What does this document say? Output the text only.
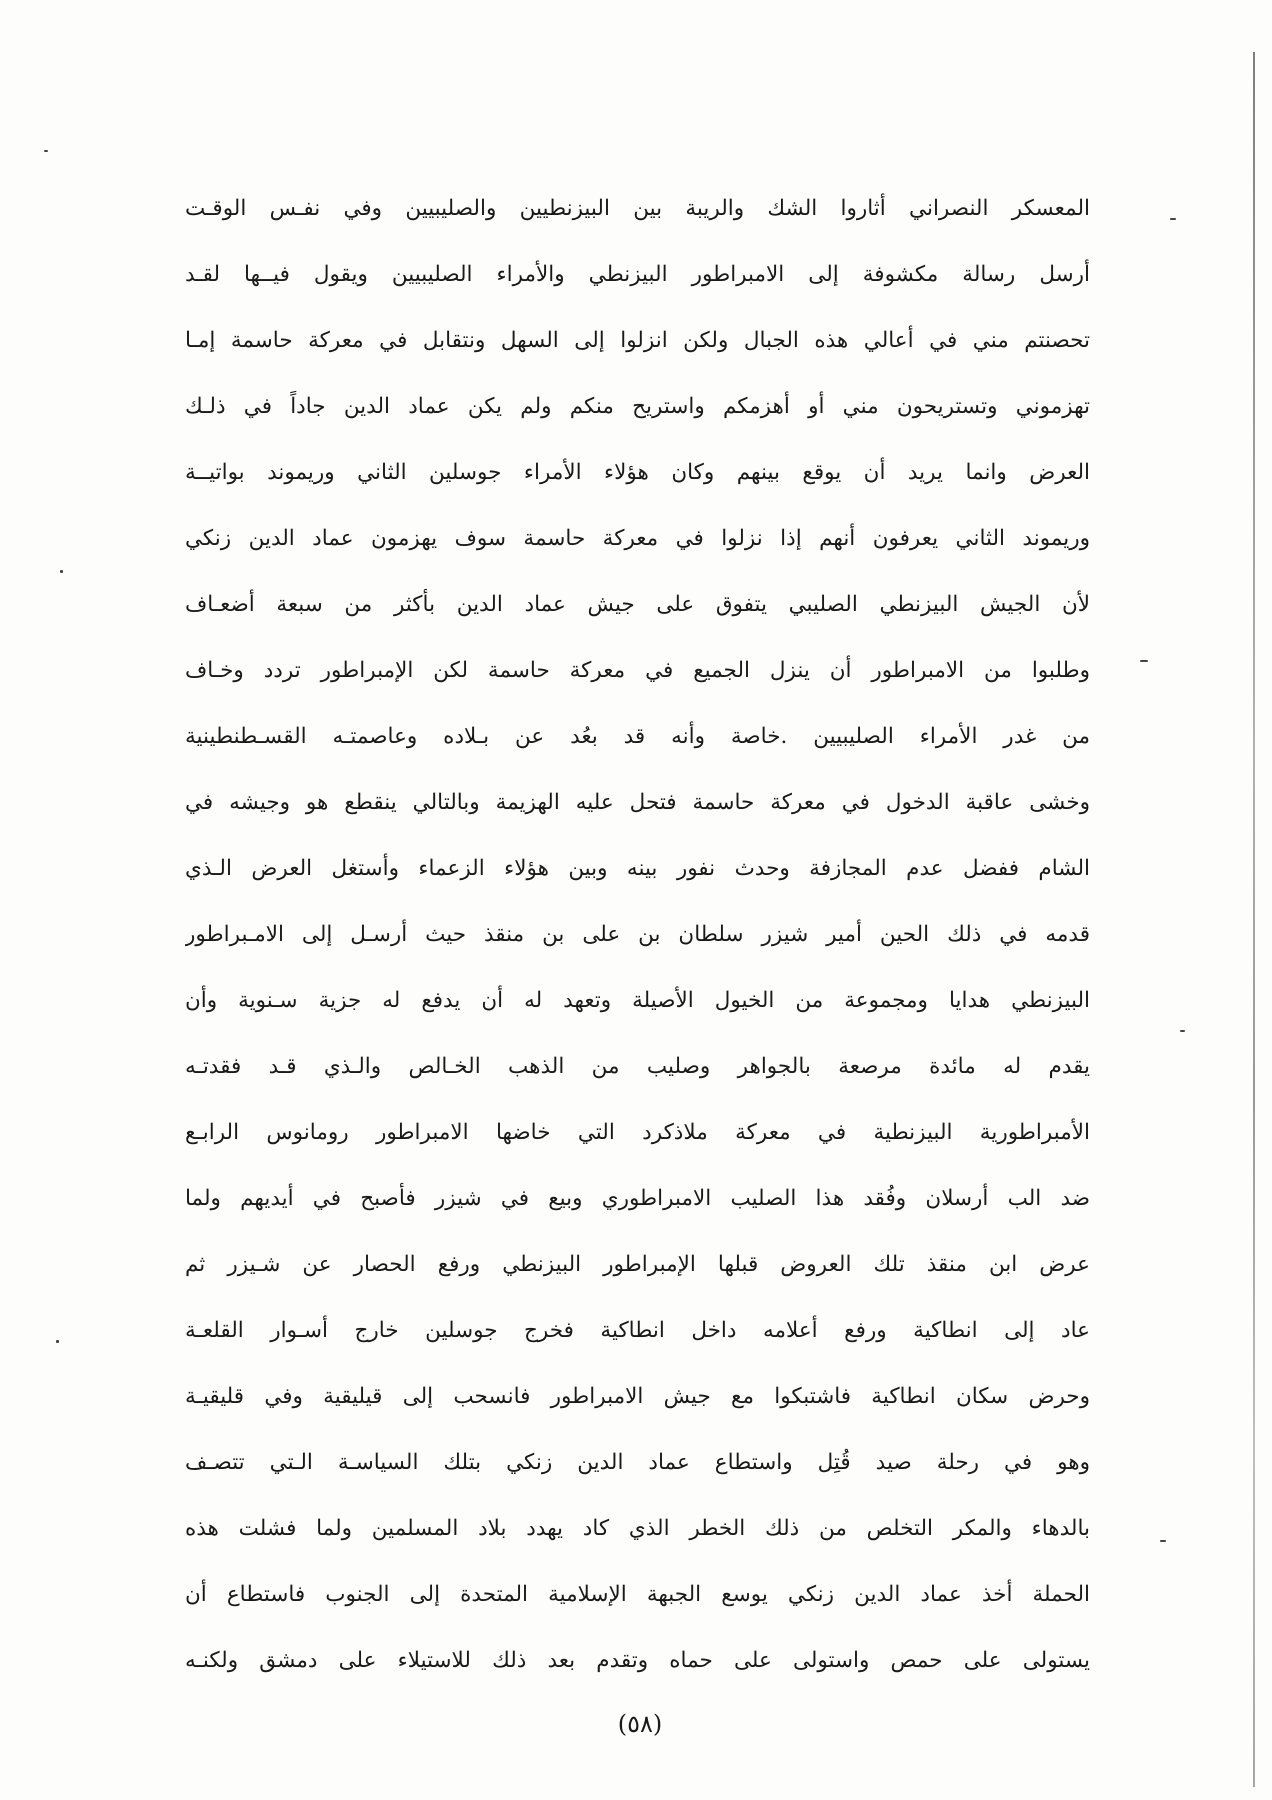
المعسكر النصراني أثاروا الشك والريبة بين البيزنطيين والصليبيين وفي نفـس الوقـت
أرسل رسالة مكشوفة إلى الامبراطور البيزنطي والأمراء الصليبيين ويقول فيــها لقـد
تحصنتم مني في أعالي هذه الجبال ولكن انزلوا إلى السهل ونتقابل في معركة حاسمة إمـا
تهزموني وتستريحون مني أو أهزمكم واستريح منكم ولم يكن عماد الدين جاداً في ذلـك
العرض وانما يريد أن يوقع بينهم وكان هؤلاء الأمراء جوسلين الثاني وريموند بواتيــة
وريموند الثاني يعرفون أنهم إذا نزلوا في معركة حاسمة سوف يهزمون عماد الدين زنكي
لأن الجيش البيزنطي الصليبي يتفوق على جيش عماد الدين بأكثر من سبعة أضعـاف
وطلبوا من الامبراطور أن ينزل الجميع في معركة حاسمة لكن الإمبراطور تردد وخـاف
من غدر الأمراء الصليبيين .خاصة وأنه قد بعُد عن بـلاده وعاصمتـه القسـطنطينية
وخشى عاقبة الدخول في معركة حاسمة فتحل عليه الهزيمة وبالتالي ينقطع هو وجيشه في
الشام ففضل عدم المجازفة وحدث نفور بينه وبين هؤلاء الزعماء وأستغل العرض الـذي
قدمه في ذلك الحين أمير شيزر سلطان بن على بن منقذ حيث أرسـل إلى الامـبراطور
البيزنطي هدايا ومجموعة من الخيول الأصيلة وتعهد له أن يدفع له جزية سـنوية وأن
يقدم له مائدة مرصعة بالجواهر وصليب من الذهب الخـالص والـذي قـد فقدتـه
الأمبراطورية البيزنطية في معركة ملاذكرد التي خاضها الامبراطور رومانوس الرابـع
ضد الب أرسلان وفُقد هذا الصليب الامبراطوري وبيع في شيزر فأصبح في أيديهم ولما
عرض ابن منقذ تلك العروض قبلها الإمبراطور البيزنطي ورفع الحصار عن شـيزر ثم
عاد إلى انطاكية ورفع أعلامه داخل انطاكية فخرج جوسلين خارج أسـوار القلعـة
وحرض سكان انطاكية فاشتبكوا مع جيش الامبراطور فانسحب إلى قيليقية وفي قليقيـة
وهو في رحلة صيد قُتِل واستطاع عماد الدين زنكي بتلك السياسـة الـتي تتصـف
بالدهاء والمكر التخلص من ذلك الخطر الذي كاد يهدد بلاد المسلمين ولما فشلت هذه
الحملة أخذ عماد الدين زنكي يوسع الجبهة الإسلامية المتحدة إلى الجنوب فاستطاع أن
يستولى على حمص واستولى على حماه وتقدم بعد ذلك للاستيلاء على دمشق ولكنـه
(٥٨)
